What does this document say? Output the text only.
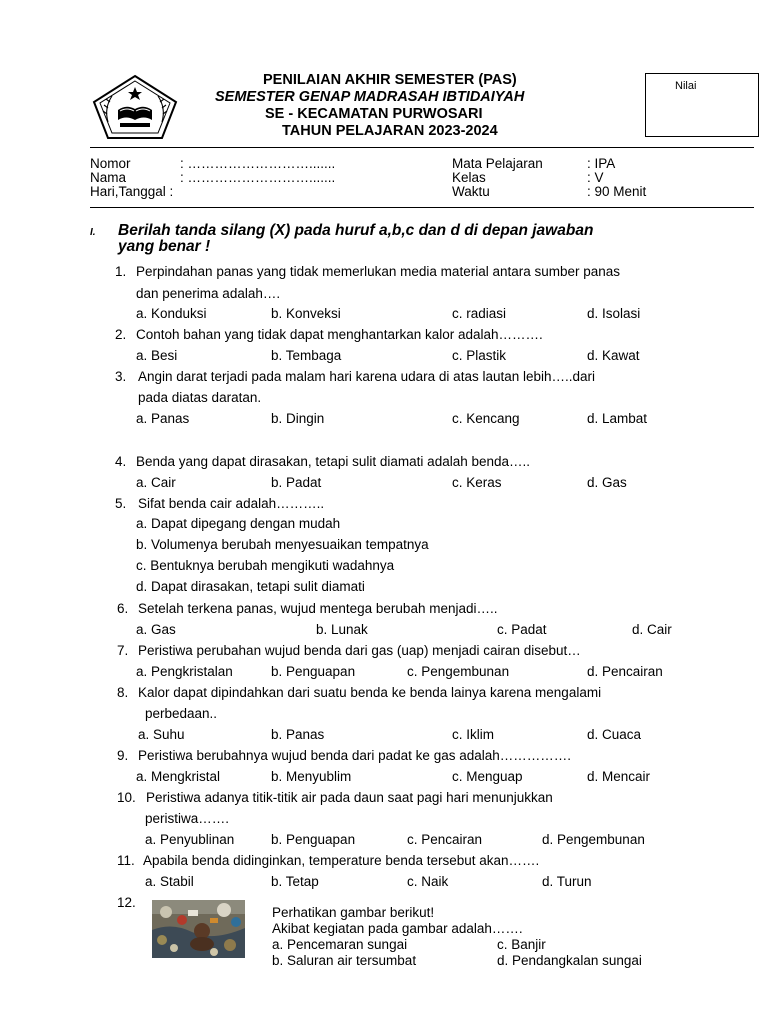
PENILAIAN AKHIR SEMESTER (PAS)
SEMESTER GENAP MADRASAH IBTIDAIYAH
SE - KECAMATAN PURWOSARI
TAHUN PELAJARAN 2023-2024
Nilai
Nomor	: ……………………….......
Nama	: ……………………….......
Hari,Tanggal :
Mata Pelajaran	: IPA
Kelas	: V
Waktu	: 90 Menit
I. Berilah tanda silang (X) pada huruf a,b,c dan d di depan jawaban
yang benar !
1. Perpindahan panas yang tidak memerlukan media material antara sumber panas
dan penerima adalah….
a. Konduksi	b. Konveksi	c. radiasi	d. Isolasi
2. Contoh bahan yang tidak dapat menghantarkan kalor adalah……….
a. Besi	b. Tembaga	c. Plastik	d. Kawat
3. Angin darat terjadi pada malam hari karena udara di atas lautan lebih…..dari
pada diatas daratan.
a. Panas	b. Dingin	c. Kencang	d. Lambat
4. Benda yang dapat dirasakan, tetapi sulit diamati adalah benda…..
a. Cair	b. Padat	c. Keras	d. Gas
5. Sifat benda cair adalah………..
a. Dapat dipegang dengan mudah
b. Volumenya berubah menyesuaikan tempatnya
c. Bentuknya berubah mengikuti wadahnya
d. Dapat dirasakan, tetapi sulit diamati
6. Setelah terkena panas, wujud mentega berubah menjadi…..
a. Gas	b. Lunak	c. Padat	d. Cair
7. Peristiwa perubahan wujud benda dari gas (uap) menjadi cairan disebut…
a. Pengkristalan	b. Penguapan	c. Pengembunan	d. Pencairan
8. Kalor dapat dipindahkan dari suatu benda ke benda lainya karena mengalami
perbedaan..
a. Suhu	b. Panas	c. Iklim	d. Cuaca
9. Peristiwa berubahnya wujud benda dari padat ke gas adalah…………….
a. Mengkristal	b. Menyublim	c. Menguap	d. Mencair
10. Peristiwa adanya titik-titik air pada daun saat pagi hari menunjukkan
peristiwa…….
a. Penyublinan	b. Penguapan	c. Pencairan	d. Pengembunan
11. Apabila benda didinginkan, temperature benda tersebut akan…….
a. Stabil	b. Tetap	c. Naik	d. Turun
12.
Perhatikan gambar berikut!
Akibat kegiatan pada gambar adalah…….
a. Pencemaran sungai	c. Banjir
b. Saluran air tersumbat	d. Pendangkalan sungai
